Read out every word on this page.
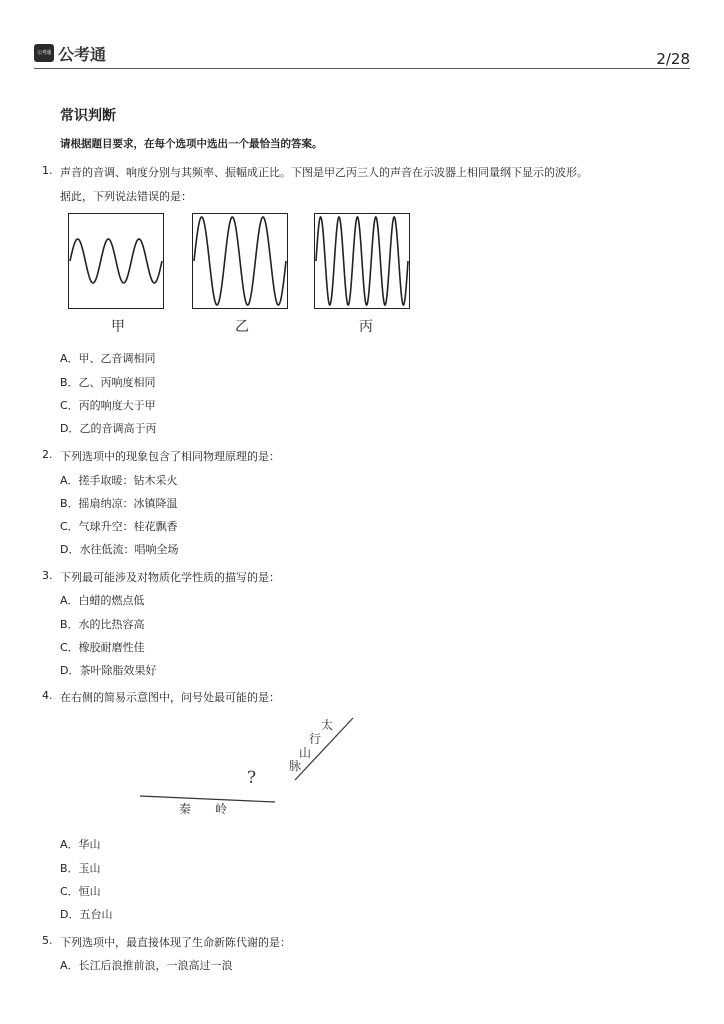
公考通 公考通	2/28
常识判断
请根据题目要求，在每个选项中选出一个最恰当的答案。
1. 声音的音调、响度分别与其频率、振幅成正比。下图是甲乙丙三人的声音在示波器上相同量纲下显示的波形。
据此，下列说法错误的是：
甲	乙	丙
A．甲、乙音调相同
B．乙、丙响度相同
C．丙的响度大于甲
D．乙的音调高于丙
2. 下列选项中的现象包含了相同物理原理的是：
A．搓手取暖：钻木采火
B．摇扇纳凉：冰镇降温
C．气球升空：桂花飘香
D．水往低流：唱响全场
3. 下列最可能涉及对物质化学性质的描写的是：
A．白蜡的燃点低
B．水的比热容高
C．橡胶耐磨性佳
D．茶叶除脂效果好
4. 在右侧的简易示意图中，问号处最可能的是：
太
行
山
脉
?
秦 岭
A．华山
B．玉山
C．恒山
D．五台山
5. 下列选项中，最直接体现了生命新陈代谢的是：
A．长江后浪推前浪，一浪高过一浪
